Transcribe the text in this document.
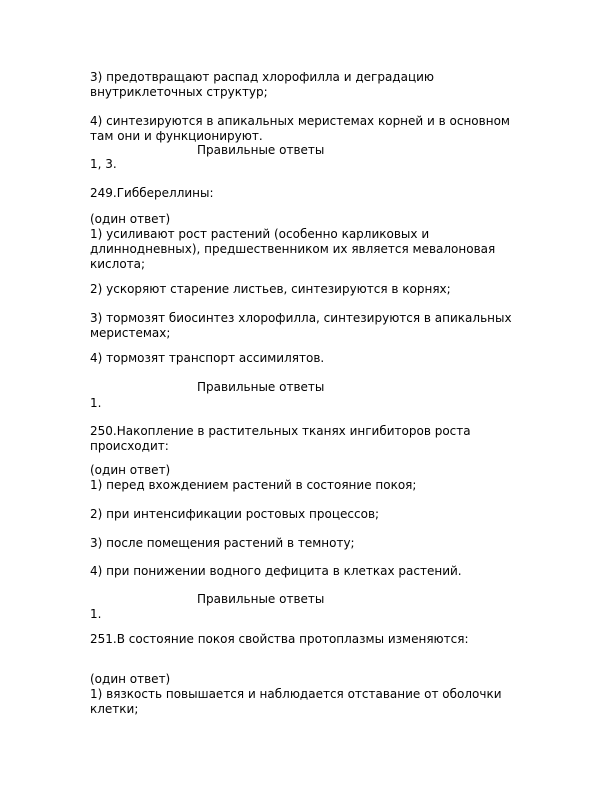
3) предотвращают распад хлорофилла и деградацию
внутриклеточных структур;
4) синтезируются в апикальных меристемах корней и в основном
там они и функционируют.
Правильные ответы
1, 3.
249.Гиббереллины:
(один ответ)
1) усиливают рост растений (особенно карликовых и
длиннодневных), предшественником их является мевалоновая
кислота;
2) ускоряют старение листьев, синтезируются в корнях;
3) тормозят биосинтез хлорофилла, синтезируются в апикальных
меристемах;
4) тормозят транспорт ассимилятов.
Правильные ответы
1.
250.Накопление в растительных тканях ингибиторов роста
происходит:
(один ответ)
1) перед вхождением растений в состояние покоя;
2) при интенсификации ростовых процессов;
3) после помещения растений в темноту;
4) при понижении водного дефицита в клетках растений.
Правильные ответы
1.
251.В состояние покоя свойства протоплазмы изменяются:
(один ответ)
1) вязкость повышается и наблюдается отставание от оболочки
клетки;
